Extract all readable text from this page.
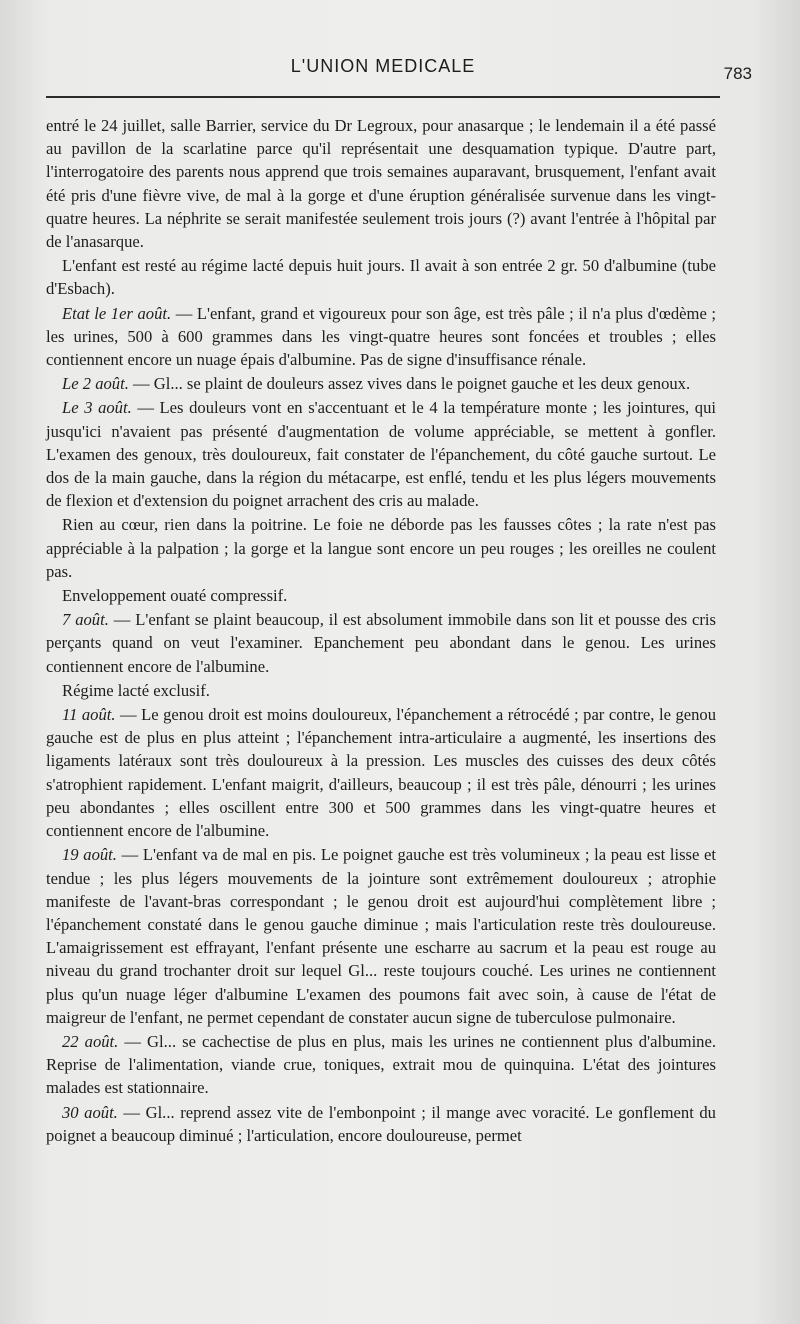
L'UNION MEDICALE	783

entré le 24 juillet, salle Barrier, service du Dr Legroux, pour anasarque ; le lendemain il a été passé au pavillon de la scarlatine parce qu'il représentait une desquamation typique. D'autre part, l'interrogatoire des parents nous apprend que trois semaines auparavant, brusquement, l'enfant avait été pris d'une fièvre vive, de mal à la gorge et d'une éruption généralisée survenue dans les vingt-quatre heures. La néphrite se serait manifestée seulement trois jours (?) avant l'entrée à l'hôpital par de l'anasarque.

L'enfant est resté au régime lacté depuis huit jours. Il avait à son entrée 2 gr. 50 d'albumine (tube d'Esbach).

Etat le 1er août. — L'enfant, grand et vigoureux pour son âge, est très pâle ; il n'a plus d'œdème ; les urines, 500 à 600 grammes dans les vingt-quatre heures sont foncées et troubles ; elles contiennent encore un nuage épais d'albumine. Pas de signe d'insuffisance rénale.

Le 2 août. — Gl... se plaint de douleurs assez vives dans le poignet gauche et les deux genoux.

Le 3 août. — Les douleurs vont en s'accentuant et le 4 la température monte ; les jointures, qui jusqu'ici n'avaient pas présenté d'augmentation de volume appréciable, se mettent à gonfler. L'examen des genoux, très douloureux, fait constater de l'épanchement, du côté gauche surtout. Le dos de la main gauche, dans la région du métacarpe, est enflé, tendu et les plus légers mouvements de flexion et d'extension du poignet arrachent des cris au malade.

Rien au cœur, rien dans la poitrine. Le foie ne déborde pas les fausses côtes ; la rate n'est pas appréciable à la palpation ; la gorge et la langue sont encore un peu rouges ; les oreilles ne coulent pas.

Enveloppement ouaté compressif.

7 août. — L'enfant se plaint beaucoup, il est absolument immobile dans son lit et pousse des cris perçants quand on veut l'examiner. Epanchement peu abondant dans le genou. Les urines contiennent encore de l'albumine.

Régime lacté exclusif.

11 août. — Le genou droit est moins douloureux, l'épanchement a rétrocédé ; par contre, le genou gauche est de plus en plus atteint ; l'épanchement intra-articulaire a augmenté, les insertions des ligaments latéraux sont très douloureux à la pression. Les muscles des cuisses des deux côtés s'atrophient rapidement. L'enfant maigrit, d'ailleurs, beaucoup ; il est très pâle, dénourri ; les urines peu abondantes ; elles oscillent entre 300 et 500 grammes dans les vingt-quatre heures et contiennent encore de l'albumine.

19 août. — L'enfant va de mal en pis. Le poignet gauche est très volumineux ; la peau est lisse et tendue ; les plus légers mouvements de la jointure sont extrêmement douloureux ; atrophie manifeste de l'avant-bras correspondant ; le genou droit est aujourd'hui complètement libre ; l'épanchement constaté dans le genou gauche diminue ; mais l'articulation reste très douloureuse. L'amaigrissement est effrayant, l'enfant présente une escharre au sacrum et la peau est rouge au niveau du grand trochanter droit sur lequel Gl... reste toujours couché. Les urines ne contiennent plus qu'un nuage léger d'albumine L'examen des poumons fait avec soin, à cause de l'état de maigreur de l'enfant, ne permet cependant de constater aucun signe de tuberculose pulmonaire.

22 août. — Gl... se cachectise de plus en plus, mais les urines ne contiennent plus d'albumine. Reprise de l'alimentation, viande crue, toniques, extrait mou de quinquina. L'état des jointures malades est stationnaire.

30 août. — Gl... reprend assez vite de l'embonpoint ; il mange avec voracité. Le gonflement du poignet a beaucoup diminué ; l'articulation, encore douloureuse, permet
